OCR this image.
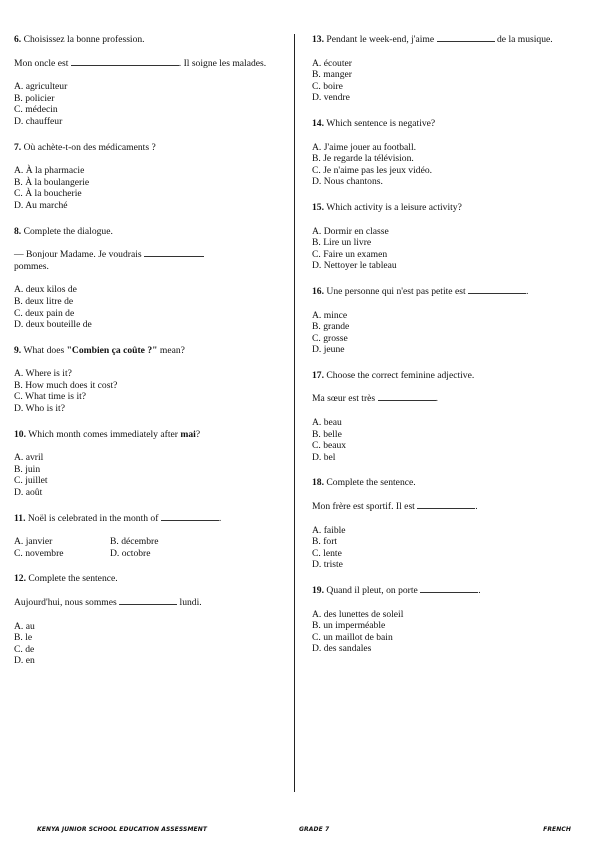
6. Choisissez la bonne profession.

Mon oncle est	. Il soigne les malades.

A. agriculteur
B. policier
C. médecin
D. chauffeur

7. Où achète-t-on des médicaments ?

A. À la pharmacie
B. À la boulangerie
C. À la boucherie
D. Au marché

8. Complete the dialogue.

— Bonjour Madame. Je voudrais
pommes.

A. deux kilos de
B. deux litre de
C. deux pain de
D. deux bouteille de

9. What does "Combien ça coûte ?" mean?

A. Where is it?
B. How much does it cost?
C. What time is it?
D. Who is it?

10. Which month comes immediately after mai?

A. avril
B. juin
C. juillet
D. août

11. Noël is celebrated in the month of	.

A. janvier	B. décembre
C. novembre	D. octobre

12. Complete the sentence.

Aujourd'hui, nous sommes	lundi.

A. au
B. le
C. de
D. en

13. Pendant le week-end, j'aime	de la musique.

A. écouter
B. manger
C. boire
D. vendre

14. Which sentence is negative?

A. J'aime jouer au football.
B. Je regarde la télévision.
C. Je n'aime pas les jeux vidéo.
D. Nous chantons.

15. Which activity is a leisure activity?

A. Dormir en classe
B. Lire un livre
C. Faire un examen
D. Nettoyer le tableau

16. Une personne qui n'est pas petite est	.

A. mince
B. grande
C. grosse
D. jeune

17. Choose the correct feminine adjective.

Ma sœur est très	.

A. beau
B. belle
C. beaux
D. bel

18. Complete the sentence.

Mon frère est sportif. Il est	.

A. faible
B. fort
C. lente
D. triste

19. Quand il pleut, on porte	.

A. des lunettes de soleil
B. un imperméable
C. un maillot de bain
D. des sandales
KENYA JUNIOR SCHOOL EDUCATION ASSESSMENT	GRADE 7	FRENCH
